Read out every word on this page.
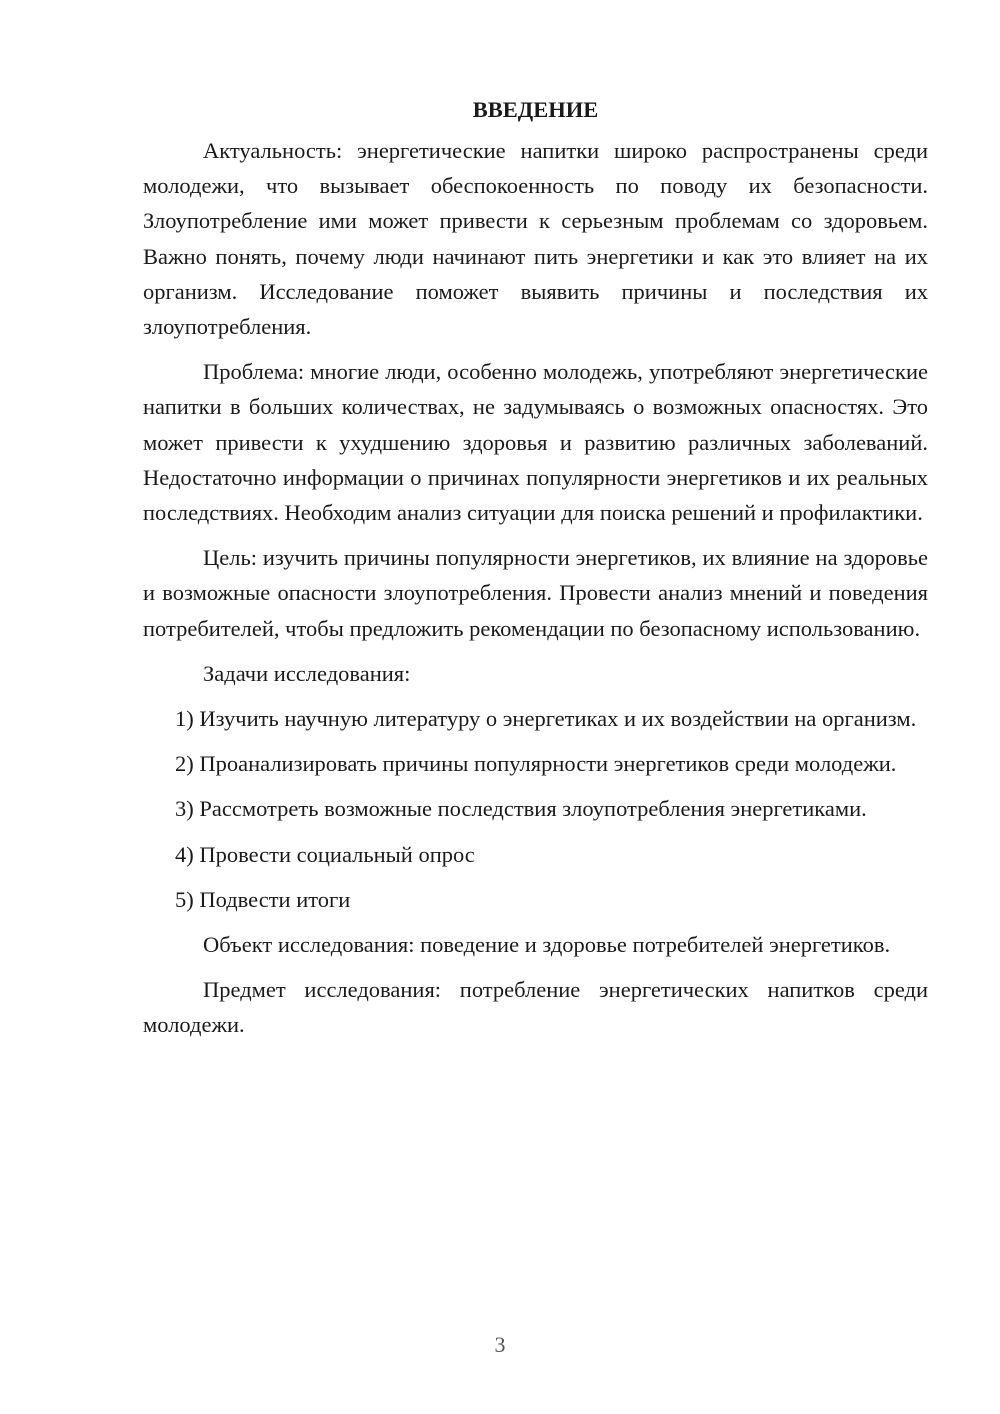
ВВЕДЕНИЕ

Актуальность: энергетические напитки широко распространены среди молодежи, что вызывает обеспокоенность по поводу их безопасности. Злоупотребление ими может привести к серьезным проблемам со здоровьем. Важно понять, почему люди начинают пить энергетики и как это влияет на их организм. Исследование поможет выявить причины и последствия их злоупотребления.

Проблема: многие люди, особенно молодежь, употребляют энергетические напитки в больших количествах, не задумываясь о возможных опасностях. Это может привести к ухудшению здоровья и развитию различных заболеваний. Недостаточно информации о причинах популярности энергетиков и их реальных последствиях. Необходим анализ ситуации для поиска решений и профилактики.

Цель: изучить причины популярности энергетиков, их влияние на здоровье и возможные опасности злоупотребления. Провести анализ мнений и поведения потребителей, чтобы предложить рекомендации по безопасному использованию.

Задачи исследования:

1) Изучить научную литературу о энергетиках и их воздействии на организм.

2) Проанализировать причины популярности энергетиков среди молодежи.

3) Рассмотреть возможные последствия злоупотребления энергетиками.

4) Провести социальный опрос

5) Подвести итоги

Объект исследования: поведение и здоровье потребителей энергетиков.

Предмет исследования: потребление энергетических напитков среди молодежи.

3
